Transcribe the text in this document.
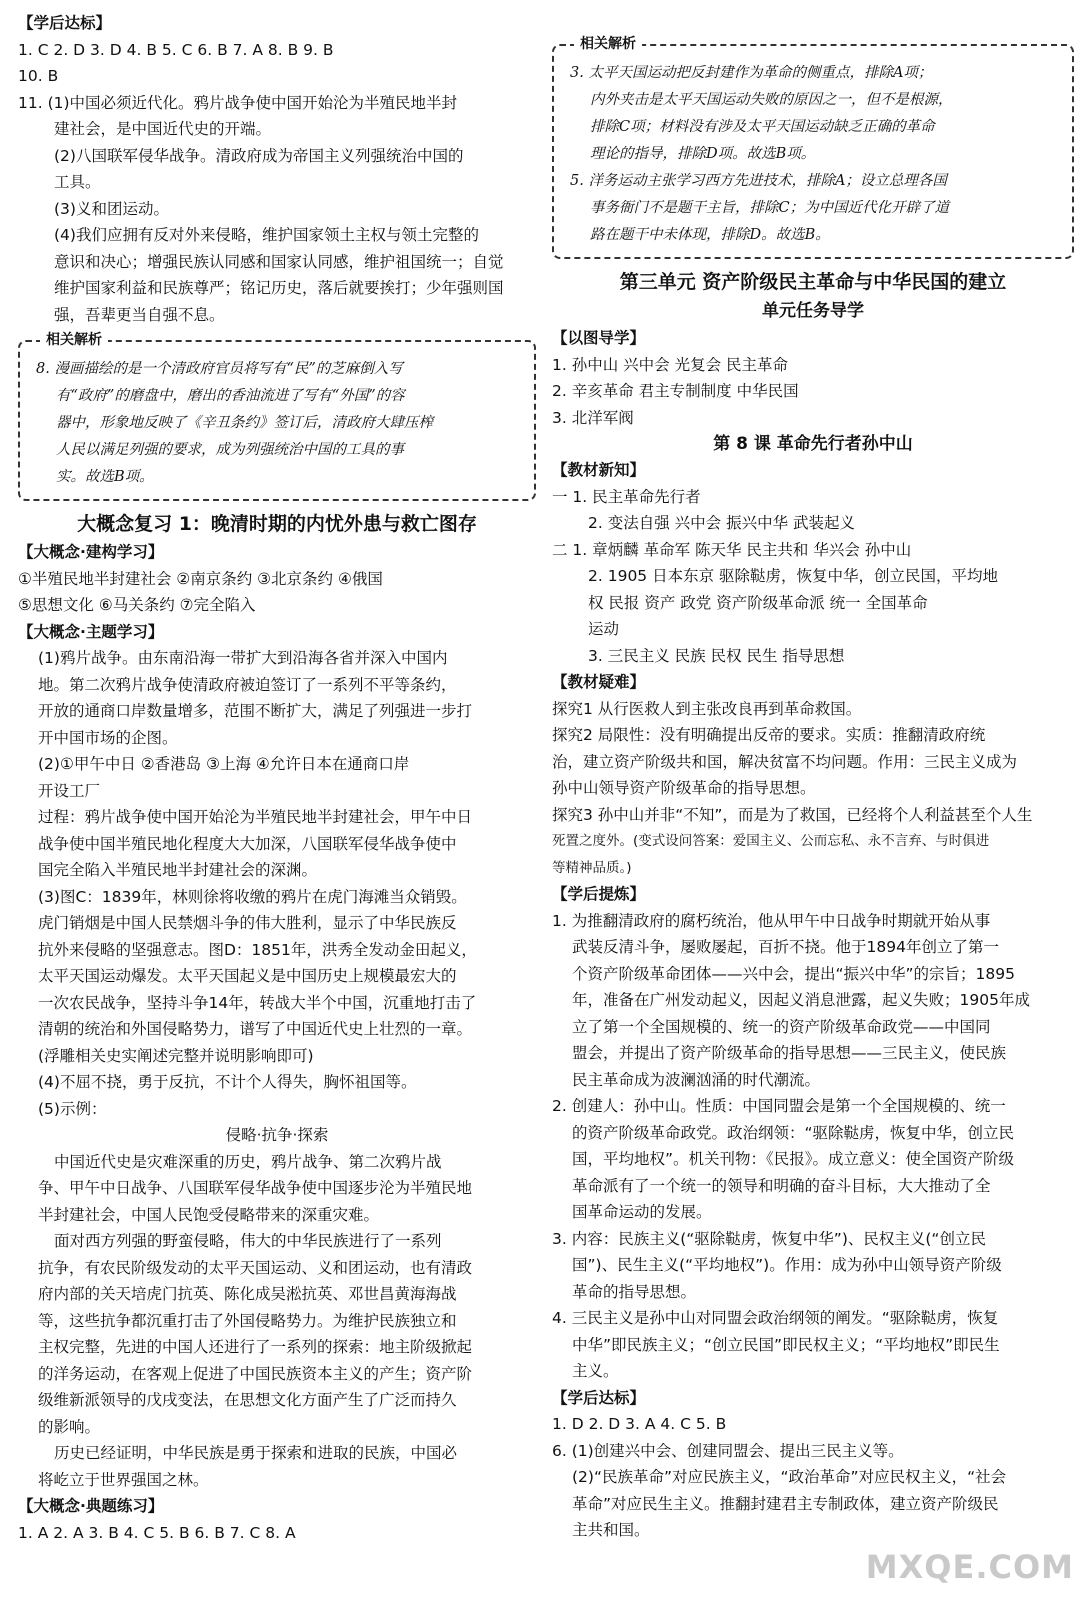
【学后达标】
1. C 2. D 3. D 4. B 5. C 6. B 7. A 8. B 9. B
10. B
11. (1)中国必须近代化。鸦片战争使中国开始沦为半殖民地半封
建社会，是中国近代史的开端。
(2)八国联军侵华战争。清政府成为帝国主义列强统治中国的
工具。
(3)义和团运动。
(4)我们应拥有反对外来侵略，维护国家领土主权与领土完整的
意识和决心；增强民族认同感和国家认同感，维护祖国统一；自觉
维护国家利益和民族尊严；铭记历史，落后就要挨打；少年强则国
强，吾辈更当自强不息。
相关解析
8. 漫画描绘的是一个清政府官员将写有“民”的芝麻倒入写
有“政府”的磨盘中，磨出的香油流进了写有“外国”的容
器中，形象地反映了《辛丑条约》签订后，清政府大肆压榨
人民以满足列强的要求，成为列强统治中国的工具的事
实。故选B项。
大概念复习 1：晚清时期的内忧外患与救亡图存
【大概念·建构学习】
①半殖民地半封建社会 ②南京条约 ③北京条约 ④俄国
⑤思想文化 ⑥马关条约 ⑦完全陷入
【大概念·主题学习】
(1)鸦片战争。由东南沿海一带扩大到沿海各省并深入中国内
地。第二次鸦片战争使清政府被迫签订了一系列不平等条约，
开放的通商口岸数量增多，范围不断扩大，满足了列强进一步打
开中国市场的企图。
(2)①甲午中日 ②香港岛 ③上海 ④允许日本在通商口岸
开设工厂
过程：鸦片战争使中国开始沦为半殖民地半封建社会，甲午中日
战争使中国半殖民地化程度大大加深，八国联军侵华战争使中
国完全陷入半殖民地半封建社会的深渊。
(3)图C：1839年，林则徐将收缴的鸦片在虎门海滩当众销毁。
虎门销烟是中国人民禁烟斗争的伟大胜利，显示了中华民族反
抗外来侵略的坚强意志。图D：1851年，洪秀全发动金田起义，
太平天国运动爆发。太平天国起义是中国历史上规模最宏大的
一次农民战争，坚持斗争14年，转战大半个中国，沉重地打击了
清朝的统治和外国侵略势力，谱写了中国近代史上壮烈的一章。
(浮雕相关史实阐述完整并说明影响即可)
(4)不屈不挠，勇于反抗，不计个人得失，胸怀祖国等。
(5)示例：
侵略·抗争·探索
中国近代史是灾难深重的历史，鸦片战争、第二次鸦片战
争、甲午中日战争、八国联军侵华战争使中国逐步沦为半殖民地
半封建社会，中国人民饱受侵略带来的深重灾难。
面对西方列强的野蛮侵略，伟大的中华民族进行了一系列
抗争，有农民阶级发动的太平天国运动、义和团运动，也有清政
府内部的关天培虎门抗英、陈化成吴淞抗英、邓世昌黄海海战
等，这些抗争都沉重打击了外国侵略势力。为维护民族独立和
主权完整，先进的中国人还进行了一系列的探索：地主阶级掀起
的洋务运动，在客观上促进了中国民族资本主义的产生；资产阶
级维新派领导的戊戌变法，在思想文化方面产生了广泛而持久
的影响。
历史已经证明，中华民族是勇于探索和进取的民族，中国必
将屹立于世界强国之林。
【大概念·典题练习】
1. A 2. A 3. B 4. C 5. B 6. B 7. C 8. A
相关解析
3. 太平天国运动把反封建作为革命的侧重点，排除A项；
内外夹击是太平天国运动失败的原因之一，但不是根源，
排除C项；材料没有涉及太平天国运动缺乏正确的革命
理论的指导，排除D项。故选B项。
5. 洋务运动主张学习西方先进技术，排除A；设立总理各国
事务衙门不是题干主旨，排除C；为中国近代化开辟了道
路在题干中未体现，排除D。故选B。
第三单元 资产阶级民主革命与中华民国的建立
单元任务导学
【以图导学】
1. 孙中山 兴中会 光复会 民主革命
2. 辛亥革命 君主专制制度 中华民国
3. 北洋军阀
第 8 课 革命先行者孙中山
【教材新知】
一 1. 民主革命先行者
2. 变法自强 兴中会 振兴中华 武装起义
二 1. 章炳麟 革命军 陈天华 民主共和 华兴会 孙中山
2. 1905 日本东京 驱除鞑虏，恢复中华，创立民国，平均地
权 民报 资产 政党 资产阶级革命派 统一 全国革命
运动
3. 三民主义 民族 民权 民生 指导思想
【教材疑难】
探究1 从行医救人到主张改良再到革命救国。
探究2 局限性：没有明确提出反帝的要求。实质：推翻清政府统
治，建立资产阶级共和国，解决贫富不均问题。作用：三民主义成为
孙中山领导资产阶级革命的指导思想。
探究3 孙中山并非“不知”，而是为了救国，已经将个人利益甚至个人生
死置之度外。(变式设问答案：爱国主义、公而忘私、永不言弃、与时俱进
等精神品质。)
【学后提炼】
1. 为推翻清政府的腐朽统治，他从甲午中日战争时期就开始从事
武装反清斗争，屡败屡起，百折不挠。他于1894年创立了第一
个资产阶级革命团体——兴中会，提出“振兴中华”的宗旨；1895
年，准备在广州发动起义，因起义消息泄露，起义失败；1905年成
立了第一个全国规模的、统一的资产阶级革命政党——中国同
盟会，并提出了资产阶级革命的指导思想——三民主义，使民族
民主革命成为波澜汹涌的时代潮流。
2. 创建人：孙中山。性质：中国同盟会是第一个全国规模的、统一
的资产阶级革命政党。政治纲领：“驱除鞑虏，恢复中华，创立民
国，平均地权”。机关刊物：《民报》。成立意义：使全国资产阶级
革命派有了一个统一的领导和明确的奋斗目标，大大推动了全
国革命运动的发展。
3. 内容：民族主义(“驱除鞑虏，恢复中华”)、民权主义(“创立民
国”)、民生主义(“平均地权”)。作用：成为孙中山领导资产阶级
革命的指导思想。
4. 三民主义是孙中山对同盟会政治纲领的阐发。“驱除鞑虏，恢复
中华”即民族主义；“创立民国”即民权主义；“平均地权”即民生
主义。
【学后达标】
1. D 2. D 3. A 4. C 5. B
6. (1)创建兴中会、创建同盟会、提出三民主义等。
(2)“民族革命”对应民族主义，“政治革命”对应民权主义，“社会
革命”对应民生主义。推翻封建君主专制政体，建立资产阶级民
主共和国。
MXQE.COM
